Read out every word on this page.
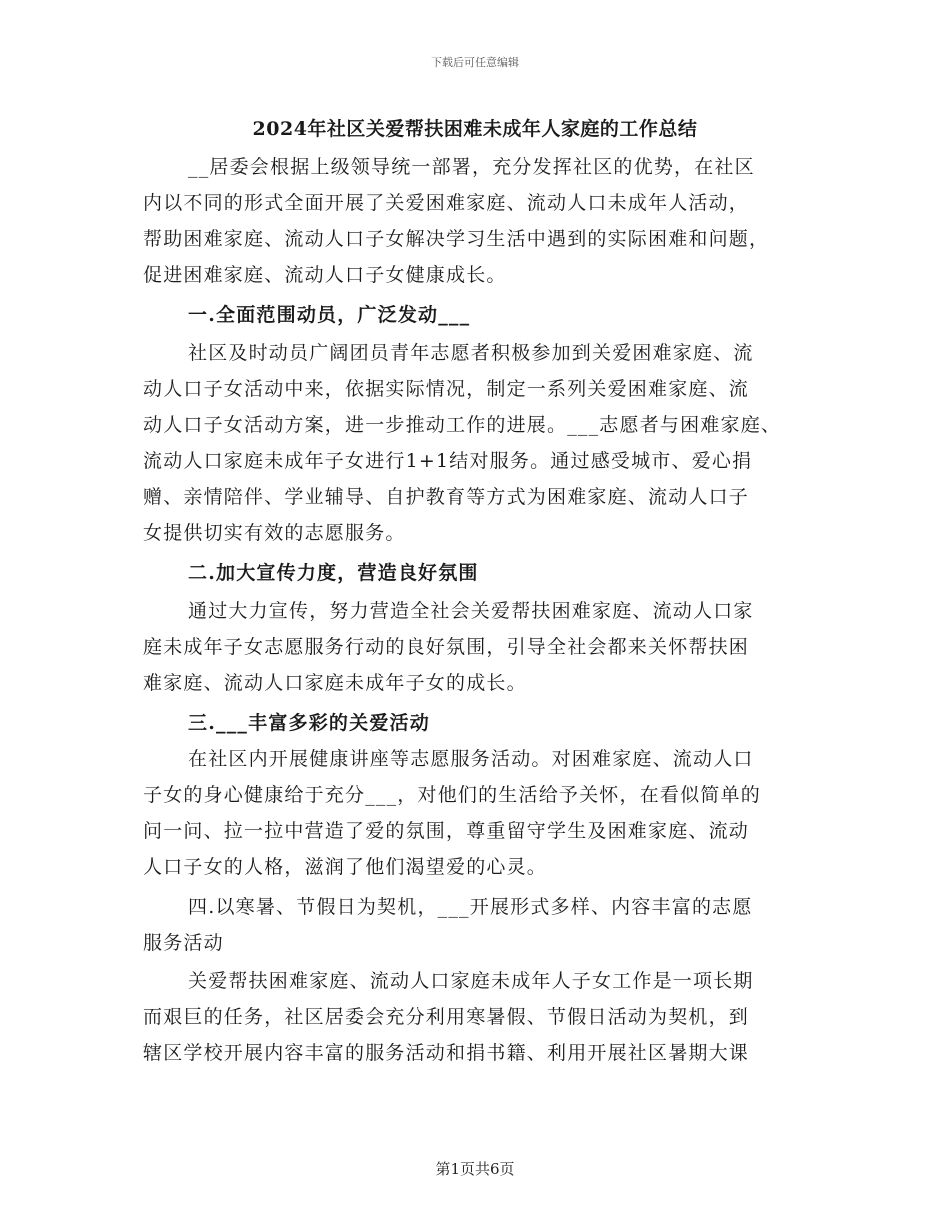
下载后可任意编辑
2024年社区关爱帮扶困难未成年人家庭的工作总结
__居委会根据上级领导统一部署，充分发挥社区的优势，在社区
内以不同的形式全面开展了关爱困难家庭、流动人口未成年人活动，
帮助困难家庭、流动人口子女解决学习生活中遇到的实际困难和问题，
促进困难家庭、流动人口子女健康成长。
一.全面范围动员，广泛发动___
社区及时动员广阔团员青年志愿者积极参加到关爱困难家庭、流
动人口子女活动中来，依据实际情况，制定一系列关爱困难家庭、流
动人口子女活动方案，进一步推动工作的进展。___志愿者与困难家庭、
流动人口家庭未成年子女进行1+1结对服务。通过感受城市、爱心捐
赠、亲情陪伴、学业辅导、自护教育等方式为困难家庭、流动人口子
女提供切实有效的志愿服务。
二.加大宣传力度，营造良好氛围
通过大力宣传，努力营造全社会关爱帮扶困难家庭、流动人口家
庭未成年子女志愿服务行动的良好氛围，引导全社会都来关怀帮扶困
难家庭、流动人口家庭未成年子女的成长。
三.___丰富多彩的关爱活动
在社区内开展健康讲座等志愿服务活动。对困难家庭、流动人口
子女的身心健康给于充分___，对他们的生活给予关怀，在看似简单的
问一问、拉一拉中营造了爱的氛围，尊重留守学生及困难家庭、流动
人口子女的人格，滋润了他们渴望爱的心灵。
四.以寒暑、节假日为契机，___开展形式多样、内容丰富的志愿
服务活动
关爱帮扶困难家庭、流动人口家庭未成年人子女工作是一项长期
而艰巨的任务，社区居委会充分利用寒暑假、节假日活动为契机，到
辖区学校开展内容丰富的服务活动和捐书籍、利用开展社区暑期大课
第1页共6页
